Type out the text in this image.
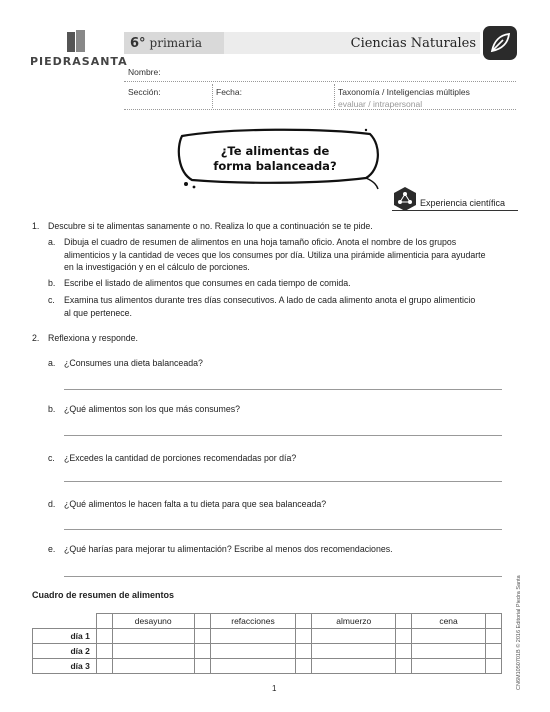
PIEDRASANTA
6° primaria	Ciencias Naturales
Nombre:
Sección:	Fecha:	Taxonomía / Inteligencias múltiples
evaluar / intrapersonal
¿Te alimentas de
forma balanceada?
Experiencia científica
1. Descubre si te alimentas sanamente o no. Realiza lo que a continuación se te pide.
a. Dibuja el cuadro de resumen de alimentos en una hoja tamaño oficio. Anota el nombre de los grupos
alimenticios y la cantidad de veces que los consumes por día. Utiliza una pirámide alimenticia para ayudarte
en la investigación y en el cálculo de porciones.
b. Escribe el listado de alimentos que consumes en cada tiempo de comida.
c. Examina tus alimentos durante tres días consecutivos. A lado de cada alimento anota el grupo alimenticio
al que pertenece.
2. Reflexiona y responde.
a. ¿Consumes una dieta balanceada?
b. ¿Qué alimentos son los que más consumes?
c. ¿Excedes la cantidad de porciones recomendadas por día?
d. ¿Qué alimentos le hacen falta a tu dieta para que sea balanceada?
e. ¿Qué harías para mejorar tu alimentación? Escribe al menos dos recomendaciones.
Cuadro de resumen de alimentos
		desayuno		refacciones		almuerzo		cena	
día 1									
día 2									
día 3									
1	CN6M1050701B © 2016 Editorial Piedra Santa
